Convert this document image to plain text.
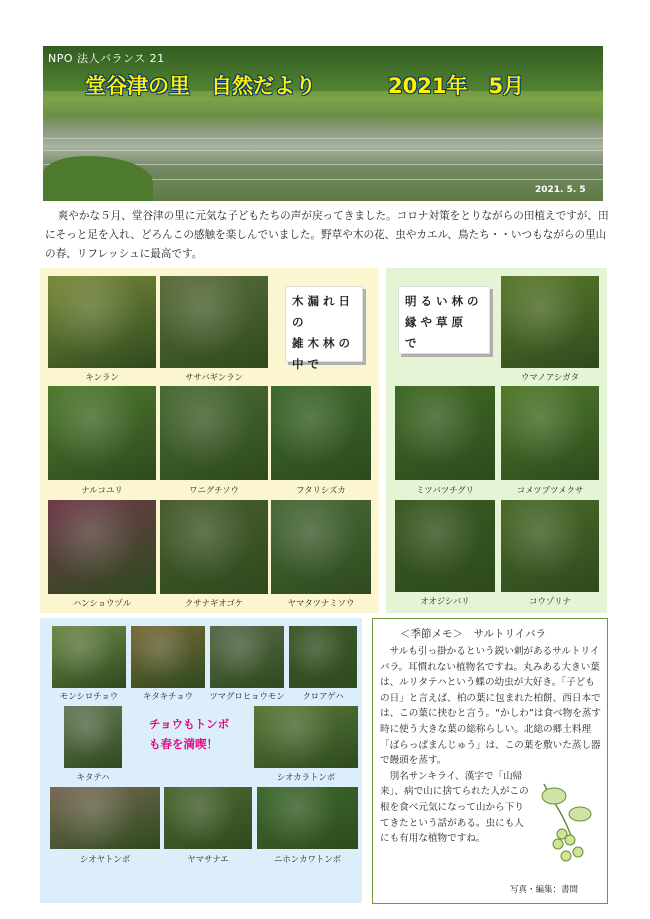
NPO 法人バランス 21
堂谷津の里　自然だより	2021年　5月
2021. 5. 5
爽やかな５月、堂谷津の里に元気な子どもたちの声が戻ってきました。コロナ対策をとりながらの田植えですが、田にそっと足を入れ、どろんこの感触を楽しんでいました。野草や木の花、虫やカエル、鳥たち・・いつもながらの里山の春、リフレッシュに最高です。
キンラン	ササバギンラン
木漏れ日の
雑木林の
中で
ナルコユリ	ワニグチソウ	フタリシズカ
ハンショウヅル	クサナギオゴケ	ヤマタツナミソウ
明るい林の
縁や草原
で
ウマノアシガタ
ミツバツチグリ	コメツブツメクサ
オオジシバリ	コウゾリナ
モンシロチョウ	キタキチョウ	ツマグロヒョウモン	クロアゲハ
キタテハ
チョウもトンボ
も春を満喫！
シオカラトンボ
シオヤトンボ	ヤマサナエ	ニホンカワトンボ
＜季節メモ＞　サルトリイバラ

サルも引っ掛かるという鋭い刺があるサルトリイバラ。耳慣れない植物名ですね。丸みある大きい葉は、ルリタテハという蝶の幼虫が大好き。「子どもの日」と言えば、柏の葉に包まれた柏餅、西日本では、この葉に挟むと言う。“かしわ”は食べ物を蒸す時に使う大きな葉の総称らしい。北総の郷土料理「ばらっぱまんじゅう」は、この葉を敷いた蒸し器で饅頭を蒸す。

別名サンキライ、漢字で「山帰来」、病で山に捨てられた人がこの根を食べ元気になって山から下りてきたという話がある。虫にも人にも有用な植物ですね。

写真・編集：書間
